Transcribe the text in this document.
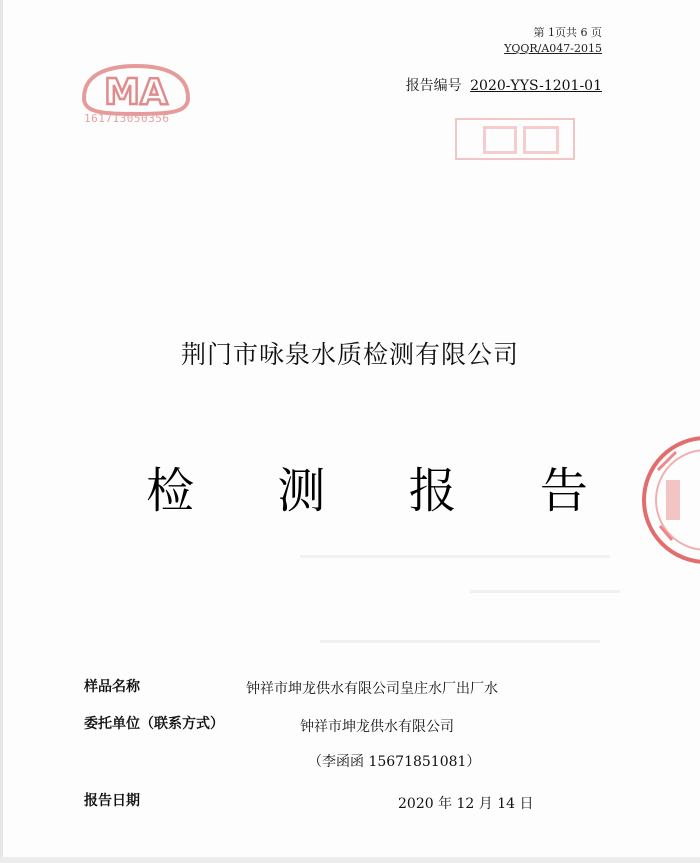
第 1页共 6 页
YQQR/A047-2015
报告编号 2020-YYS-1201-01
MA
161713050356
荆门市咏泉水质检测有限公司
检 测 报 告
样品名称	钟祥市坤龙供水有限公司皇庄水厂出厂水
委托单位（联系方式）	钟祥市坤龙供水有限公司
（李函函 15671851081）
报告日期	2020 年 12 月 14 日
